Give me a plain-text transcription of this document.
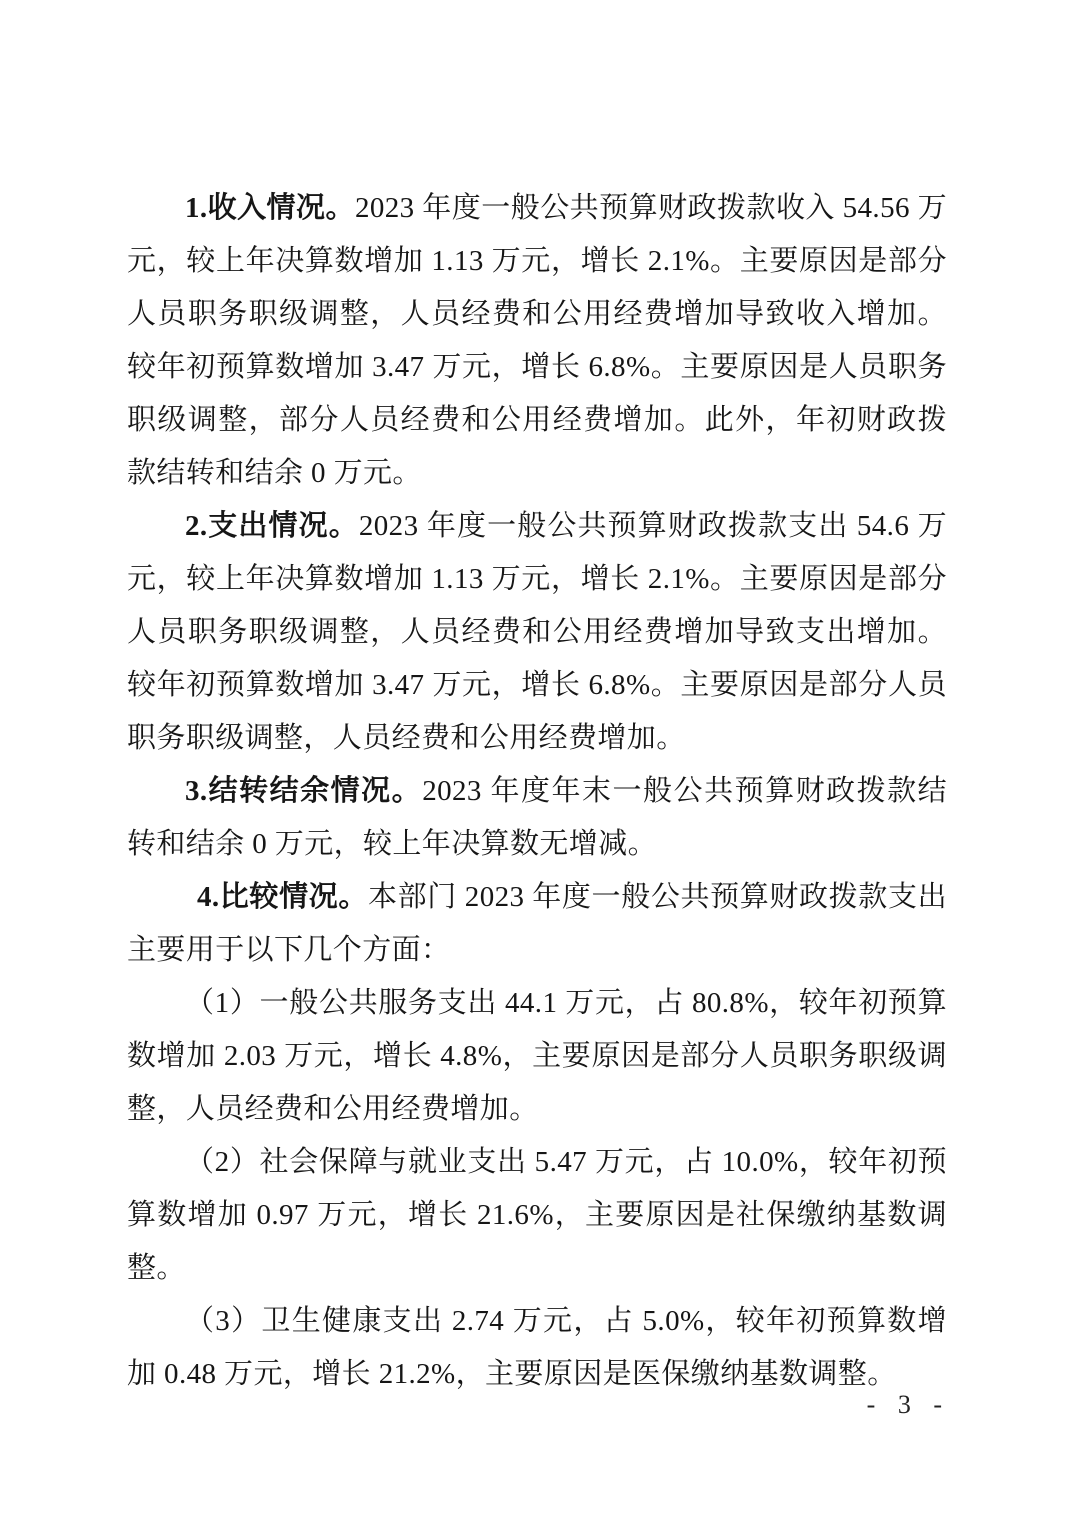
1.收入情况。2023 年度一般公共预算财政拨款收入 54.56 万元，较上年决算数增加 1.13 万元，增长 2.1%。主要原因是部分人员职务职级调整，人员经费和公用经费增加导致收入增加。较年初预算数增加 3.47 万元，增长 6.8%。主要原因是人员职务职级调整，部分人员经费和公用经费增加。此外，年初财政拨款结转和结余 0 万元。

2.支出情况。2023 年度一般公共预算财政拨款支出 54.6 万元，较上年决算数增加 1.13 万元，增长 2.1%。主要原因是部分人员职务职级调整，人员经费和公用经费增加导致支出增加。较年初预算数增加 3.47 万元，增长 6.8%。主要原因是部分人员职务职级调整，人员经费和公用经费增加。

3.结转结余情况。2023 年度年末一般公共预算财政拨款结转和结余 0 万元，较上年决算数无增减。

4.比较情况。本部门 2023 年度一般公共预算财政拨款支出主要用于以下几个方面：

（1）一般公共服务支出 44.1 万元，占 80.8%，较年初预算数增加 2.03 万元，增长 4.8%，主要原因是部分人员职务职级调整，人员经费和公用经费增加。

（2）社会保障与就业支出 5.47 万元，占 10.0%，较年初预算数增加 0.97 万元，增长 21.6%，主要原因是社保缴纳基数调整。

（3）卫生健康支出 2.74 万元，占 5.0%，较年初预算数增加 0.48 万元，增长 21.2%，主要原因是医保缴纳基数调整。

- 3 -
